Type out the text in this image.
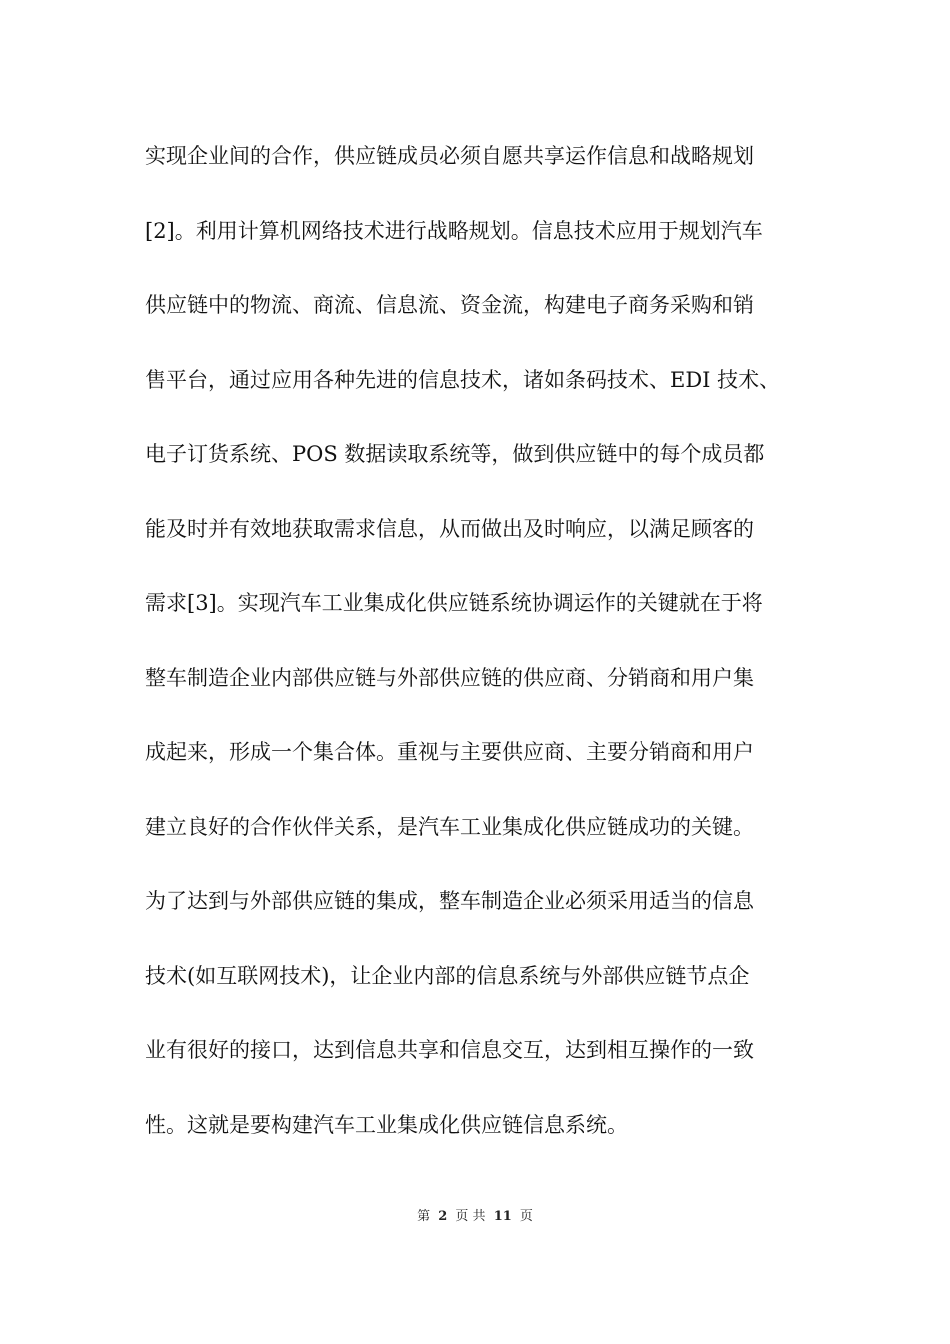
实现企业间的合作，供应链成员必须自愿共享运作信息和战略规划
[2]。利用计算机网络技术进行战略规划。信息技术应用于规划汽车
供应链中的物流、商流、信息流、资金流，构建电子商务采购和销
售平台，通过应用各种先进的信息技术，诸如条码技术、EDI 技术、
电子订货系统、POS 数据读取系统等，做到供应链中的每个成员都
能及时并有效地获取需求信息，从而做出及时响应，以满足顾客的
需求[3]。实现汽车工业集成化供应链系统协调运作的关键就在于将
整车制造企业内部供应链与外部供应链的供应商、分销商和用户集
成起来，形成一个集合体。重视与主要供应商、主要分销商和用户
建立良好的合作伙伴关系，是汽车工业集成化供应链成功的关键。
为了达到与外部供应链的集成，整车制造企业必须采用适当的信息
技术(如互联网技术)，让企业内部的信息系统与外部供应链节点企
业有很好的接口，达到信息共享和信息交互，达到相互操作的一致
性。这就是要构建汽车工业集成化供应链信息系统。
第 2 页 共 11 页
